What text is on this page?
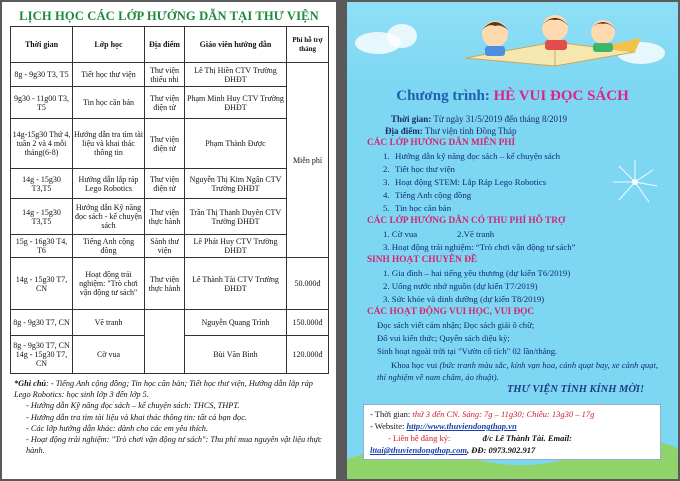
LỊCH HỌC CÁC LỚP HƯỚNG DẪN TẠI THƯ VIỆN
Thời gian	Lớp học	Địa điểm	Giáo viên hướng dẫn	Phí hỗ trợ tháng
8g - 9g30 T3, T5	Tiết học thư viện	Thư viện thiếu nhi	Lê Thị Hiền CTV Trường ĐHĐT	Miễn phí
9g30 - 11g00 T3, T5	Tin học căn bản	Thư viện điện tử	Phạm Minh Huy CTV Trường ĐHĐT	
14g-15g30 Thứ 4, tuần 2 và 4 mỗi tháng(6-8)	Hướng dẫn tra tìm tài liệu và khai thác thông tin	Thư viện điện tử	Phạm Thành Được	
14g - 15g30 T3,T5	Hướng dẫn lắp ráp Lego Robotics	Thư viện điện tử	Nguyễn Thị Kim Ngân CTV Trường ĐHĐT	
14g - 15g30 T3,T5	Hướng dẫn Kỹ năng đọc sách - kể chuyện sách	Thư viện thực hành	Trần Thị Thanh Duyên CTV Trường ĐHĐT	
15g - 16g30 T4, T6	Tiếng Anh cộng đồng	Sảnh thư viện	Lê Phát Huy CTV Trường ĐHĐT	
14g - 15g30 T7, CN	Hoạt động trải nghiệm: "Trò chơi vận động tư sách"	Thư viện thực hành	Lê Thành Tài CTV Trường ĐHĐT	50.000đ
8g - 9g30 T7, CN	Vẽ tranh		Nguyễn Quang Trình	150.000đ
8g - 9g30 T7, CN 14g - 15g30 T7, CN	Cờ vua		Bùi Văn Bình	120.000đ
*Ghi chú: - Tiếng Anh cộng đồng; Tin học căn bản; Tiết học thư viện, Hướng dẫn lắp ráp Lego Robotics: học sinh lớp 3 đến lớp 5.
- Hướng dẫn Kỹ năng đọc sách – kể chuyện sách: THCS, THPT.
- Hướng dẫn tra tìm tài liệu và khai thác thông tin: tất cả bạn đọc.
- Các lớp hướng dẫn khác: dành cho các em yêu thích.
- Hoạt động trải nghiệm: "Trò chơi vận động tư sách": Thu phí mua nguyên vật liệu thực hành.
Chương trình: HÈ VUI ĐỌC SÁCH
Thời gian: Từ ngày 31/5/2019 đến tháng 8/2019
Địa điểm: Thư viện tỉnh Đồng Tháp
CÁC LỚP HƯỚNG DẪN MIỄN PHÍ
1. Hướng dẫn kỹ năng đọc sách – kể chuyện sách
2. Tiết học thư viện
3. Hoạt động STEM: Lắp Ráp Lego Robotics
4. Tiếng Anh cộng đồng
5. Tin học căn bản
CÁC LỚP HƯỚNG DẪN CÓ THU PHÍ HỖ TRỢ
1. Cờ vua	2.Vẽ tranh
3. Hoạt động trải nghiệm: “Trò chơi vận động tư sách”
SINH HOẠT CHUYÊN ĐỀ
1. Gia đình – hai tiếng yêu thương (dự kiến T6/2019)
2. Uống nước nhớ nguồn (dự kiến T7/2019)
3. Sức khỏe và dinh dưỡng (dự kiến T8/2019)
CÁC HOẠT ĐỘNG VUI HỌC, VUI ĐỌC
Đọc sách viết cảm nhận; Đọc sách giải ô chữ;
Đố vui kiến thức; Quyển sách diệu kỳ;
Sinh hoạt ngoài trời tại "Vườn cổ tích" 02 lần/tháng.
Khoa học vui (bức tranh màu sắc, kính vạn hoa, cảnh quạt bay, xe cảnh quạt, thí nghiệm về nam châm, áo thuật).
THƯ VIỆN TỈNH KÍNH MỜI!
- Thời gian: thứ 3 đến CN. Sáng: 7g – 11g30; Chiều: 13g30 – 17g
- Website: http://www.thuviendongthap.vn
- Liên hệ đăng ký:	đ/c Lê Thành Tài. Email:
lttai@thuviendongthap.com, ĐĐ: 0973.902.917
